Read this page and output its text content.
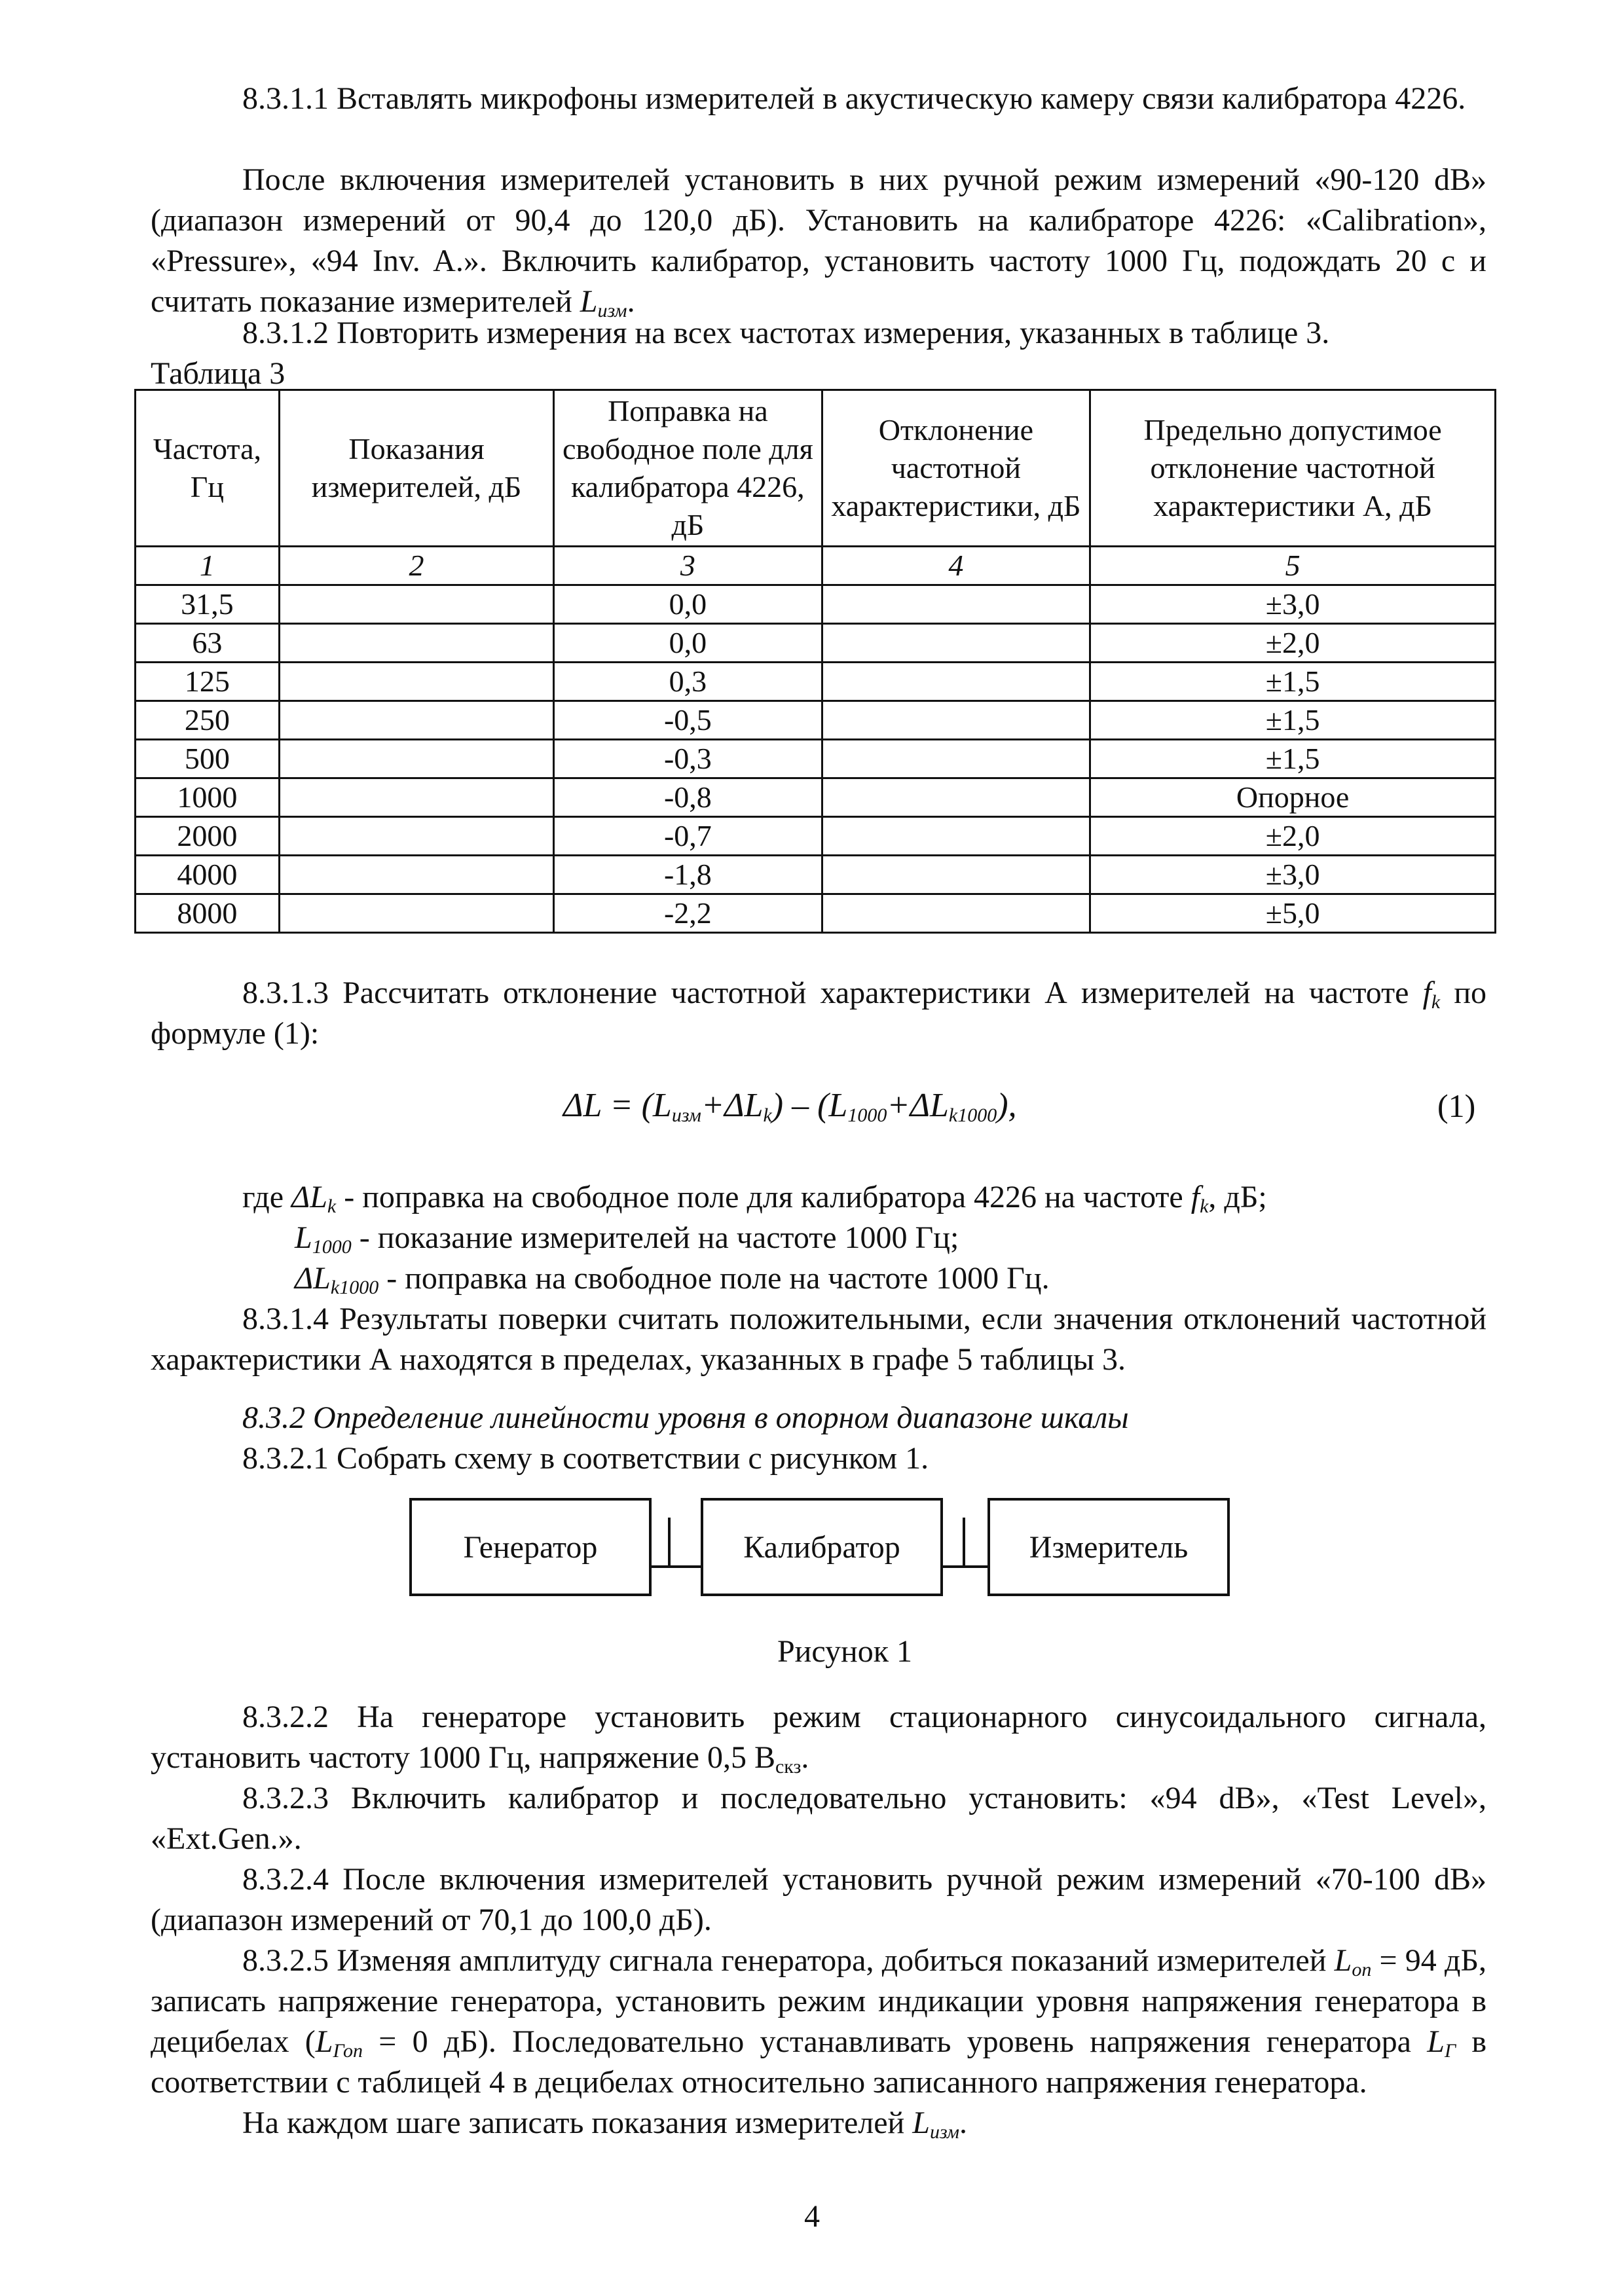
8.3.1.1 Вставлять микрофоны измерителей в акустическую камеру связи калибратора 4226.

После включения измерителей установить в них ручной режим измерений «90-120 dB» (диапазон измерений от 90,4 до 120,0 дБ). Установить на калибраторе 4226: «Calibration», «Pressure», «94 Inv. A.». Включить калибратор, установить частоту 1000 Гц, подождать 20 с и считать показание измерителей $L_{изм}$.

8.3.1.2 Повторить измерения на всех частотах измерения, указанных в таблице 3.

Таблица 3
Частота, Гц	Показания измерителей, дБ	Поправка на свободное поле для калибратора 4226, дБ	Отклонение частотной характеристики, дБ	Предельно допустимое отклонение частотной характеристики А, дБ
1	2	3	4	5
31,5		0,0		±3,0
63		0,0		±2,0
125		0,3		±1,5
250		-0,5		±1,5
500		-0,3		±1,5
1000		-0,8		Опорное
2000		-0,7		±2,0
4000		-1,8		±3,0
8000		-2,2		±5,0

8.3.1.3 Рассчитать отклонение частотной характеристики А измерителей на частоте $f_k$ по формуле (1):

$\Delta L = (L_{изм}+\Delta L_k) - (L_{1000}+\Delta L_{k1000})$,	(1)
где $\Delta L_k$ - поправка на свободное поле для калибратора 4226 на частоте $f_k$, дБ;
$L_{1000}$ - показание измерителей на частоте 1000 Гц;
$\Delta L_{k1000}$ - поправка на свободное поле на частоте 1000 Гц.

8.3.1.4 Результаты поверки считать положительными, если значения отклонений частотной характеристики А находятся в пределах, указанных в графе 5 таблицы 3.

8.3.2 Определение линейности уровня в опорном диапазоне шкалы

8.3.2.1 Собрать схему в соответствии с рисунком 1.

Генератор	Калибратор	Измеритель
Рисунок 1

8.3.2.2 На генераторе установить режим стационарного синусоидального сигнала, установить частоту 1000 Гц, напряжение 0,5 $В_{скз}$.

8.3.2.3 Включить калибратор и последовательно установить: «94 dB», «Test Level», «Ext.Gen.».

8.3.2.4 После включения измерителей установить ручной режим измерений «70-100 dB» (диапазон измерений от 70,1 до 100,0 дБ).

8.3.2.5 Изменяя амплитуду сигнала генератора, добиться показаний измерителей $L_{оп} = 94$ дБ, записать напряжение генератора, установить режим индикации уровня напряжения генератора в децибелах ($L_{Гоп} = 0$ дБ). Последовательно устанавливать уровень напряжения генератора $L_Г$ в соответствии с таблицей 4 в децибелах относительно записанного напряжения генератора.

На каждом шаге записать показания измерителей $L_{изм}$.

4
